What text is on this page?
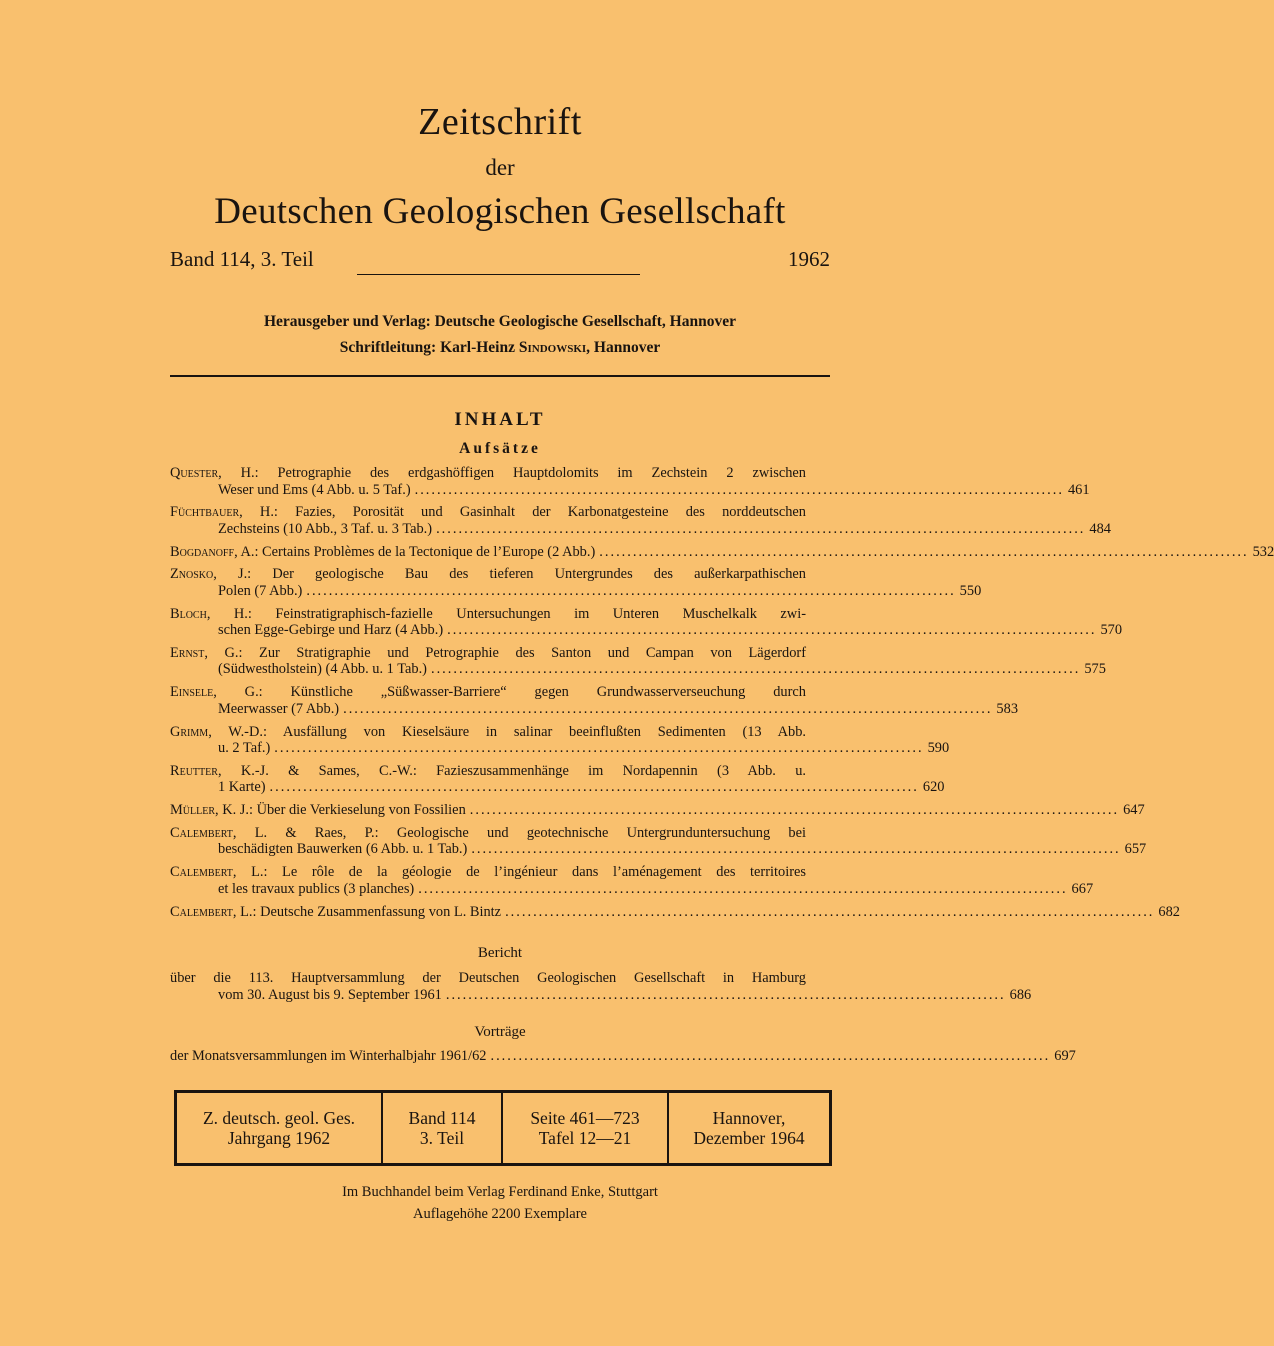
Zeitschrift
der
Deutschen Geologischen Gesellschaft
Band 114, 3. Teil	1962
Herausgeber und Verlag: Deutsche Geologische Gesellschaft, Hannover
Schriftleitung: Karl-Heinz Sindowski, Hannover
INHALT
Aufsätze
Quester, H.: Petrographie des erdgashöffigen Hauptdolomits im Zechstein 2 zwischen
Weser und Ems (4 Abb. u. 5 Taf.) .................................................................................................................... 461
Füchtbauer, H.: Fazies, Porosität und Gasinhalt der Karbonatgesteine des norddeutschen
Zechsteins (10 Abb., 3 Taf. u. 3 Tab.) .................................................................................................................... 484
Bogdanoff, A.: Certains Problèmes de la Tectonique de l’Europe (2 Abb.) .................................................................................................................... 532
Znosko, J.: Der geologische Bau des tieferen Untergrundes des außerkarpathischen
Polen (7 Abb.) .................................................................................................................... 550
Bloch, H.: Feinstratigraphisch-fazielle Untersuchungen im Unteren Muschelkalk zwi-
schen Egge-Gebirge und Harz (4 Abb.) .................................................................................................................... 570
Ernst, G.: Zur Stratigraphie und Petrographie des Santon und Campan von Lägerdorf
(Südwestholstein) (4 Abb. u. 1 Tab.) .................................................................................................................... 575
Einsele, G.: Künstliche „Süßwasser-Barriere“ gegen Grundwasserverseuchung durch
Meerwasser (7 Abb.) .................................................................................................................... 583
Grimm, W.-D.: Ausfällung von Kieselsäure in salinar beeinflußten Sedimenten (13 Abb.
u. 2 Taf.) .................................................................................................................... 590
Reutter, K.-J. & Sames, C.-W.: Fazieszusammenhänge im Nordapennin (3 Abb. u.
1 Karte) .................................................................................................................... 620
Müller, K. J.: Über die Verkieselung von Fossilien .................................................................................................................... 647
Calembert, L. & Raes, P.: Geologische und geotechnische Untergrunduntersuchung bei
beschädigten Bauwerken (6 Abb. u. 1 Tab.) .................................................................................................................... 657
Calembert, L.: Le rôle de la géologie de l’ingénieur dans l’aménagement des territoires
et les travaux publics (3 planches) .................................................................................................................... 667
Calembert, L.: Deutsche Zusammenfassung von L. Bintz .................................................................................................................... 682
Bericht
über die 113. Hauptversammlung der Deutschen Geologischen Gesellschaft in Hamburg
vom 30. August bis 9. September 1961 .................................................................................................... 686
Vorträge
der Monatsversammlungen im Winterhalbjahr 1961/62 .................................................................................................... 697
Z. deutsch. geol. Ges.
Jahrgang 1962
Band 114
3. Teil
Seite 461—723
Tafel 12—21
Hannover,
Dezember 1964
Im Buchhandel beim Verlag Ferdinand Enke, Stuttgart
Auflagehöhe 2200 Exemplare
